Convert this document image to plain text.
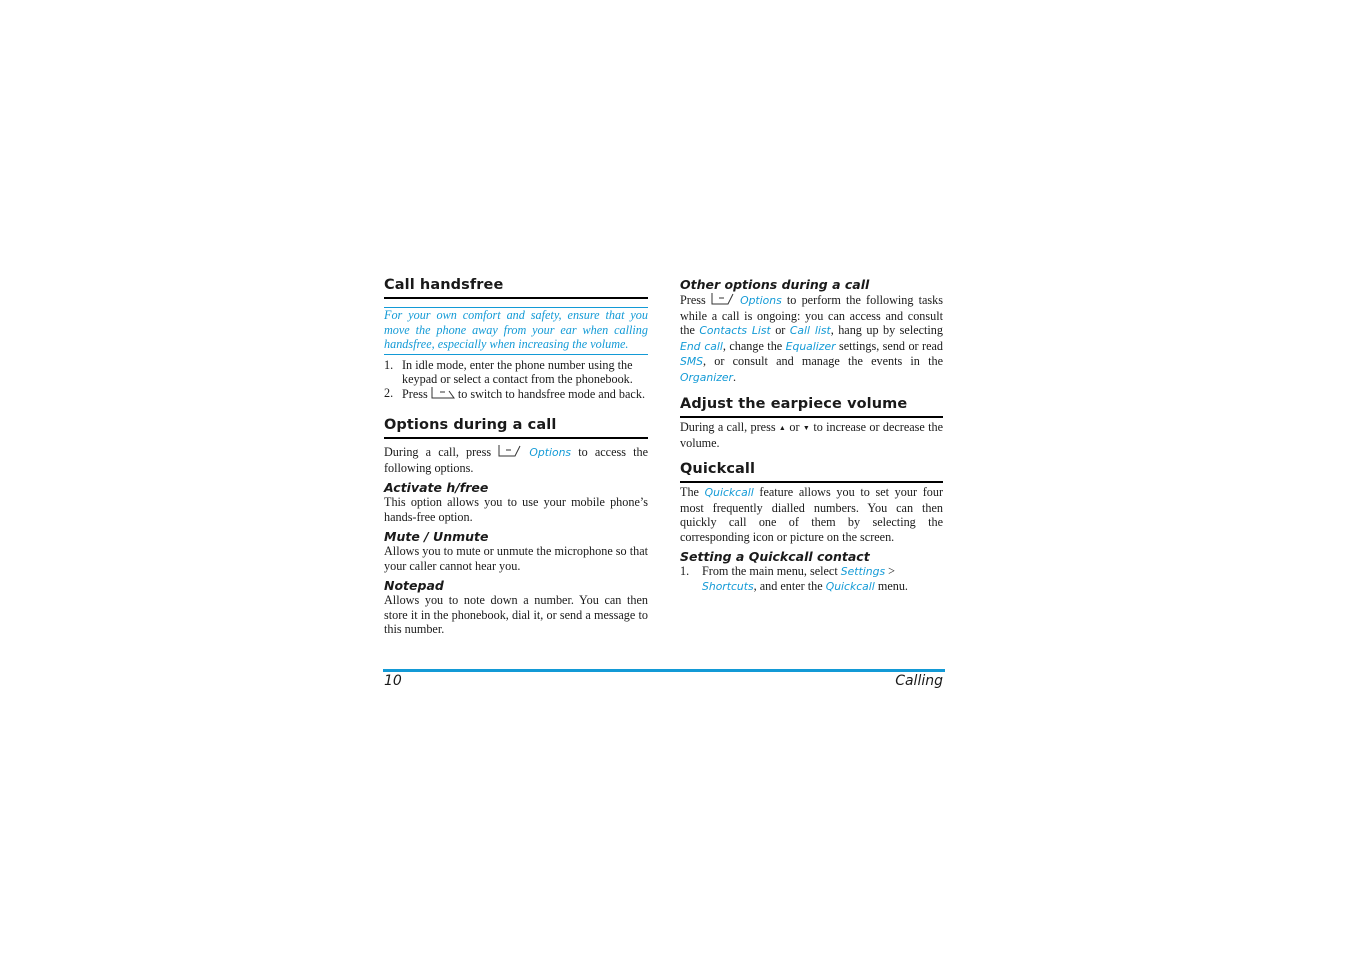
Call handsfree
For your own comfort and safety, ensure that you move the phone away from your ear when calling handsfree, especially when increasing the volume.
1. In idle mode, enter the phone number using the keypad or select a contact from the phonebook.
2. Press to switch to handsfree mode and back.
Options during a call

During a call, press	Options to access the following options.

Activate h/free

This option allows you to use your mobile phone’s hands-free option.

Mute / Unmute

Allows you to mute or unmute the microphone so that your caller cannot hear you.

Notepad

Allows you to note down a number. You can then store it in the phonebook, dial it, or send a message to this number.

Other options during a call

Press	Options to perform the following tasks while a call is ongoing: you can access and consult the Contacts List or Call list, hang up by selecting End call, change the Equalizer settings, send or read SMS, or consult and manage the events in the Organizer.

Adjust the earpiece volume

During a call, press ▲ or ▼ to increase or decrease the volume.

Quickcall

The Quickcall feature allows you to set your four most frequently dialled numbers. You can then quickly call one of them by selecting the corresponding icon or picture on the screen.

Setting a Quickcall contact
1. From the main menu, select Settings > Shortcuts, and enter the Quickcall menu.
10	Calling
